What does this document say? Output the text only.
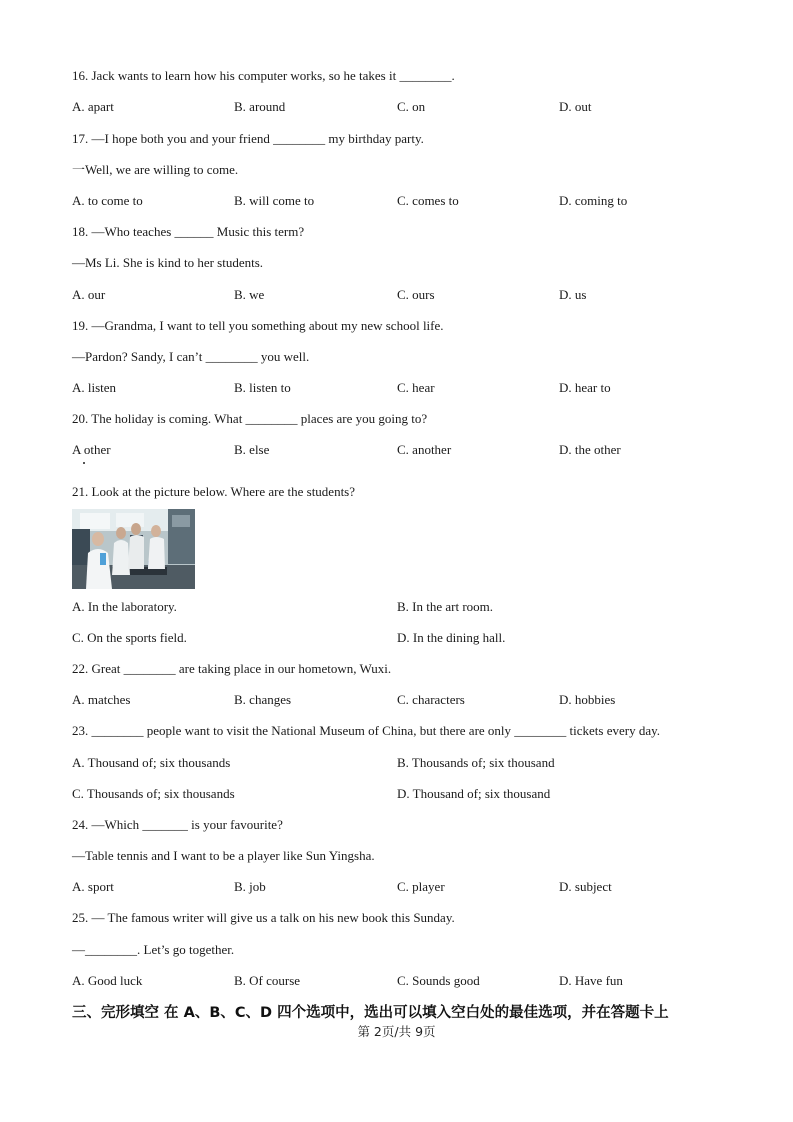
16. Jack wants to learn how his computer works, so he takes it ________.
A. apart	B. around	C. on	D. out
17. —I hope both you and your friend ________ my birthday party.
一Well, we are willing to come.
A. to come to	B. will come to	C. comes to	D. coming to
18. —Who teaches ______ Music this term?
—Ms Li. She is kind to her students.
A. our	B. we	C. ours	D. us
19. —Grandma, I want to tell you something about my new school life.
—Pardon? Sandy, I can’t ________ you well.
A. listen	B. listen to	C. hear	D. hear to
20. The holiday is coming. What ________ places are you going to?
A other	B. else	C. another	D. the other
21. Look at the picture below. Where are the students?
A. In the laboratory.	B. In the art room.
C. On the sports field.	D. In the dining hall.
22. Great ________ are taking place in our hometown, Wuxi.
A. matches	B. changes	C. characters	D. hobbies
23. ________ people want to visit the National Museum of China, but there are only ________ tickets every day.
A. Thousand of; six thousands	B. Thousands of; six thousand
C. Thousands of; six thousands	D. Thousand of; six thousand
24. —Which _______ is your favourite?
—Table tennis and I want to be a player like Sun Yingsha.
A. sport	B. job	C. player	D. subject
25. — The famous writer will give us a talk on his new book this Sunday.
—________. Let’s go together.
A. Good luck	B. Of course	C. Sounds good	D. Have fun
三、完形填空 在 A、B、C、D 四个选项中，选出可以填入空白处的最佳选项，并在答题卡上
第 2页/共 9页
